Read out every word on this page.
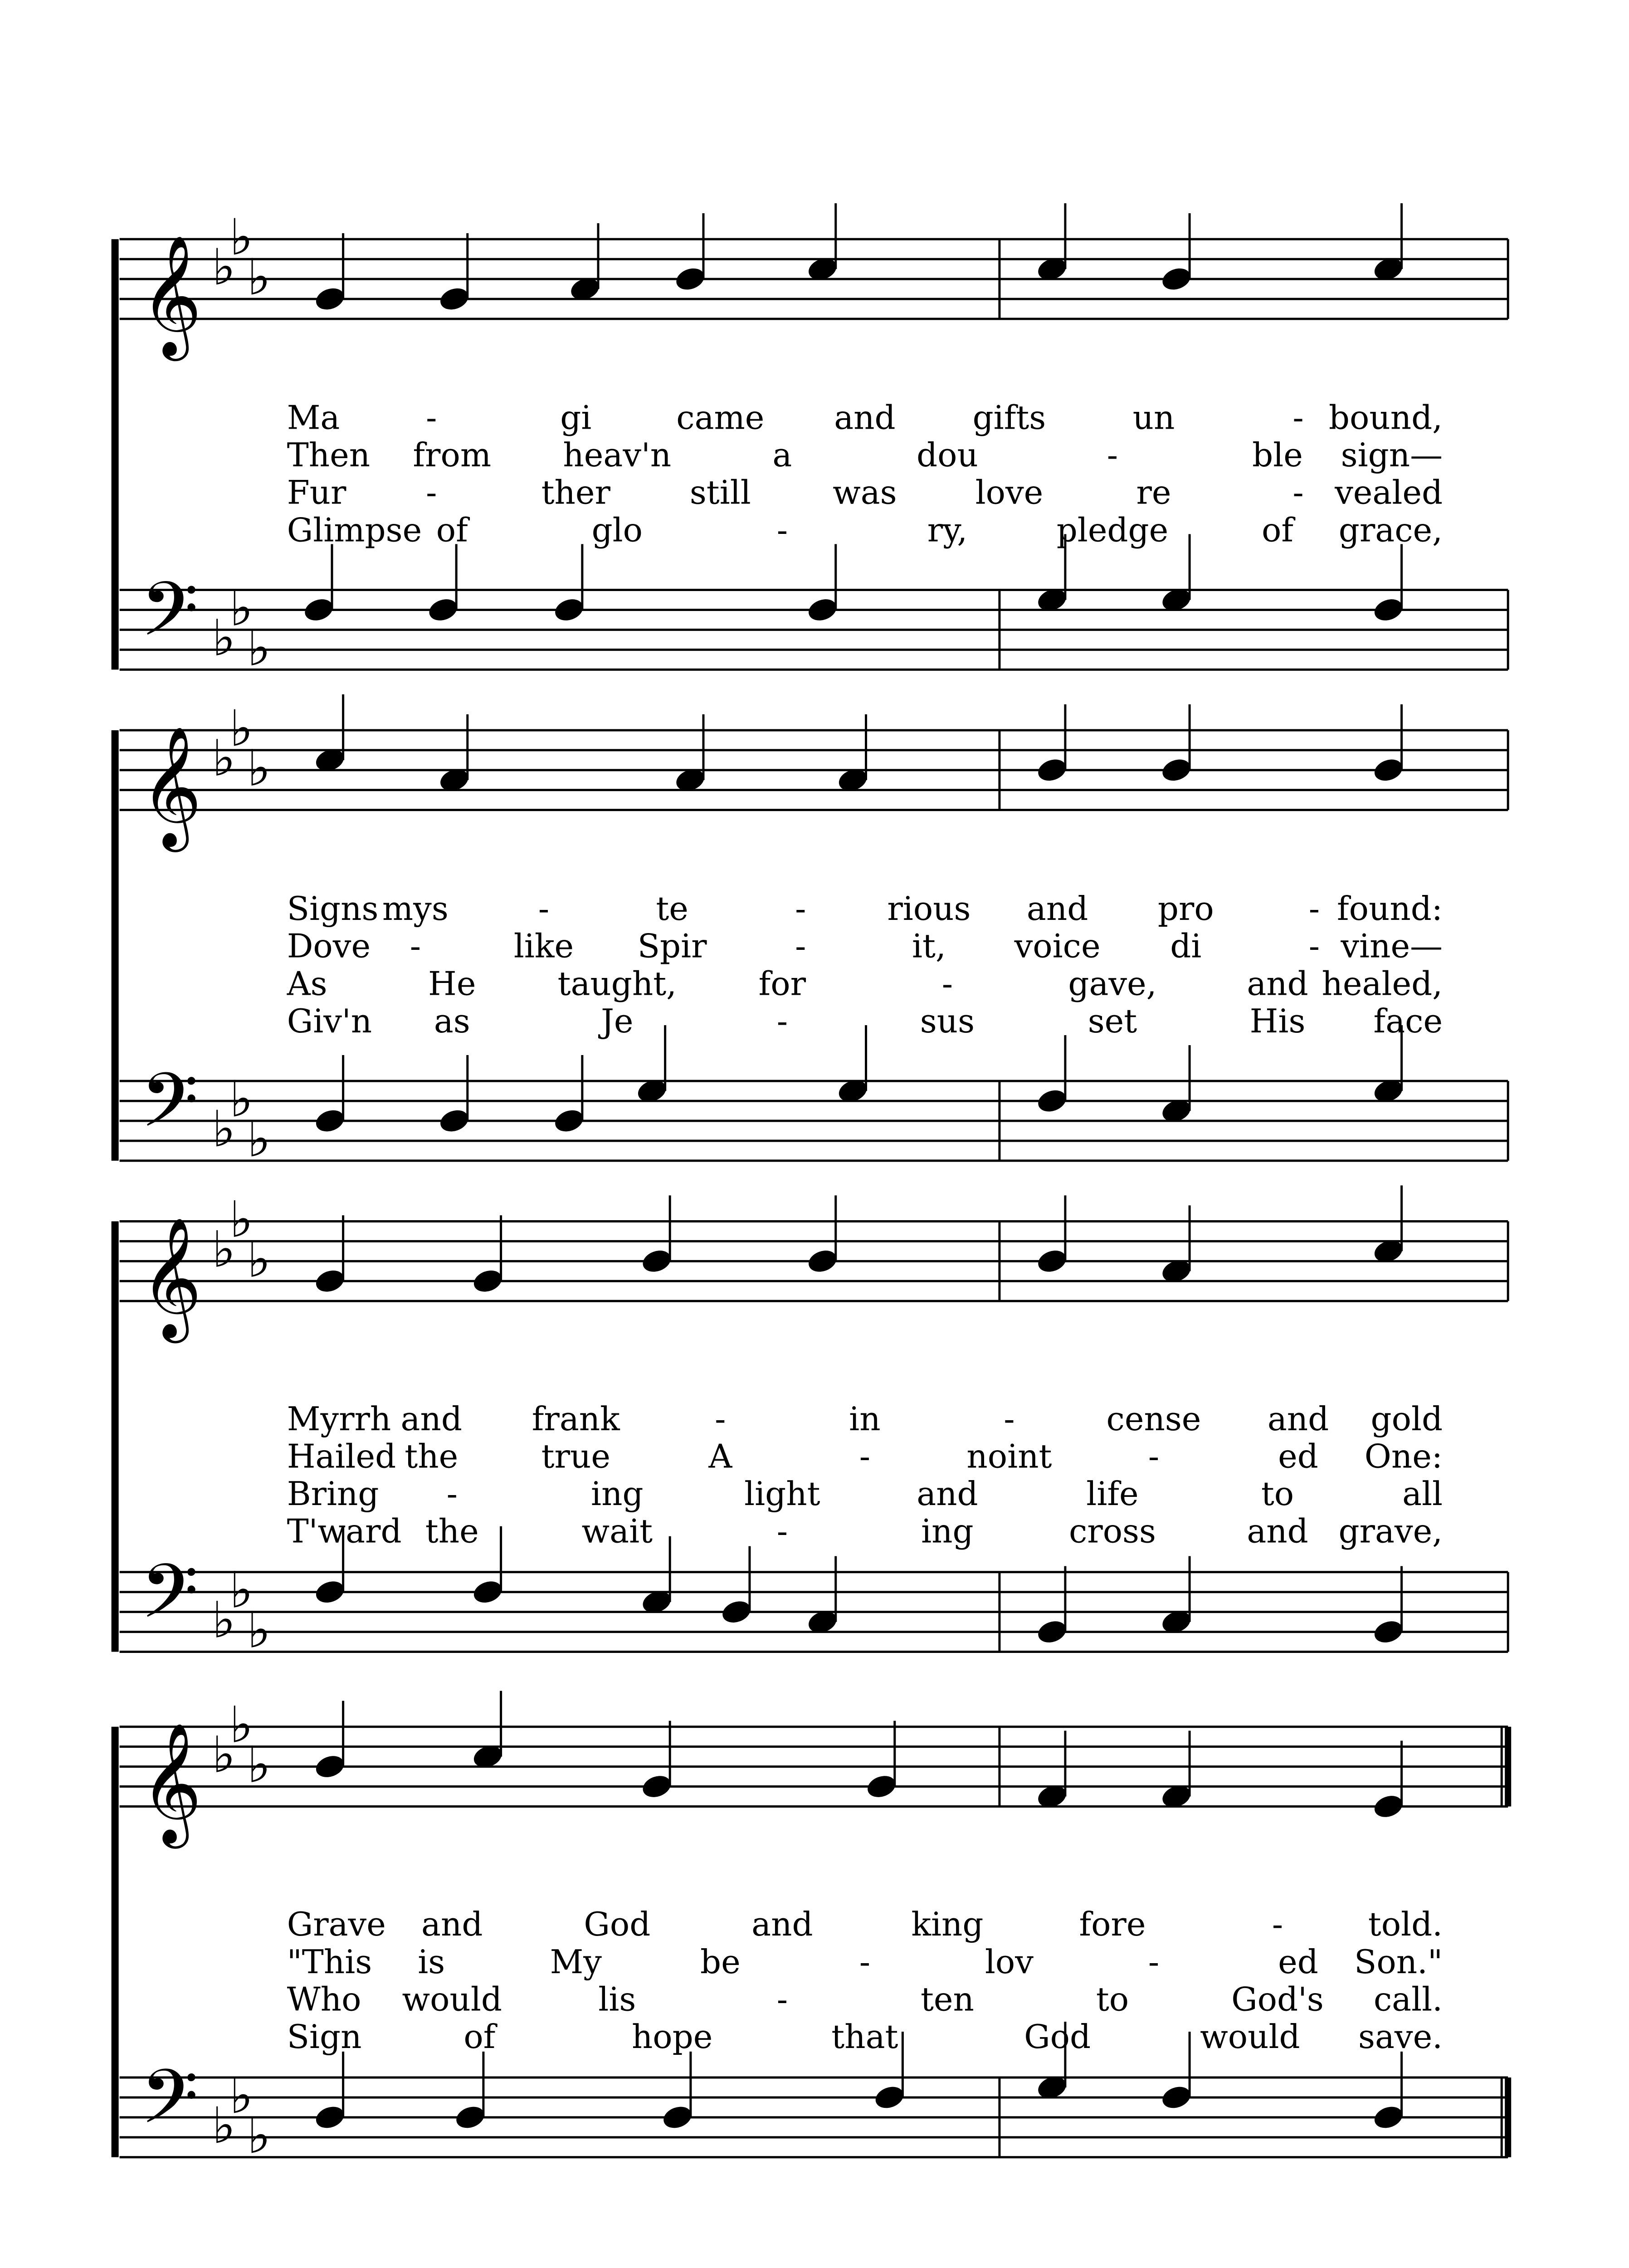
𝄞 ♭
♭
♭
𝄢 ♭
♭
♭
𝄞 ♭
♭
♭
𝄢 ♭
♭
♭
𝄞 ♭
♭
♭
𝄢 ♭
♭
♭
𝄞 ♭
♭
♭
𝄢 ♭
♭
♭
Ma	-	gi	came and gifts	un	- bound,
Then from heav'n	a	dou	-	ble sign—
Fur -	ther still	was love	re	- vealed
Glimpse of	glo	-	ry,	pledge	of grace,
Signs mys	-	te	- rious and pro	- found:
Dove -	like Spir	-	it, voice di	- vine—
As	He	taught,	for	-	gave,	and healed,
Giv'n as	Je	-	sus	set	His face
Myrrh and frank	-	in	-	cense and gold
Hailed the	true	A	-	noint	-	ed One:
Bring -	ing	light	and	life	to	all
T'ward the	wait	-	ing	cross	and grave,
Grave and	God	and	king	fore	-	told.
"This is	My	be	-	lov	-	ed Son."
Who would	lis	-	ten	to	God's call.
Sign	of	hope	that	God	would save.
